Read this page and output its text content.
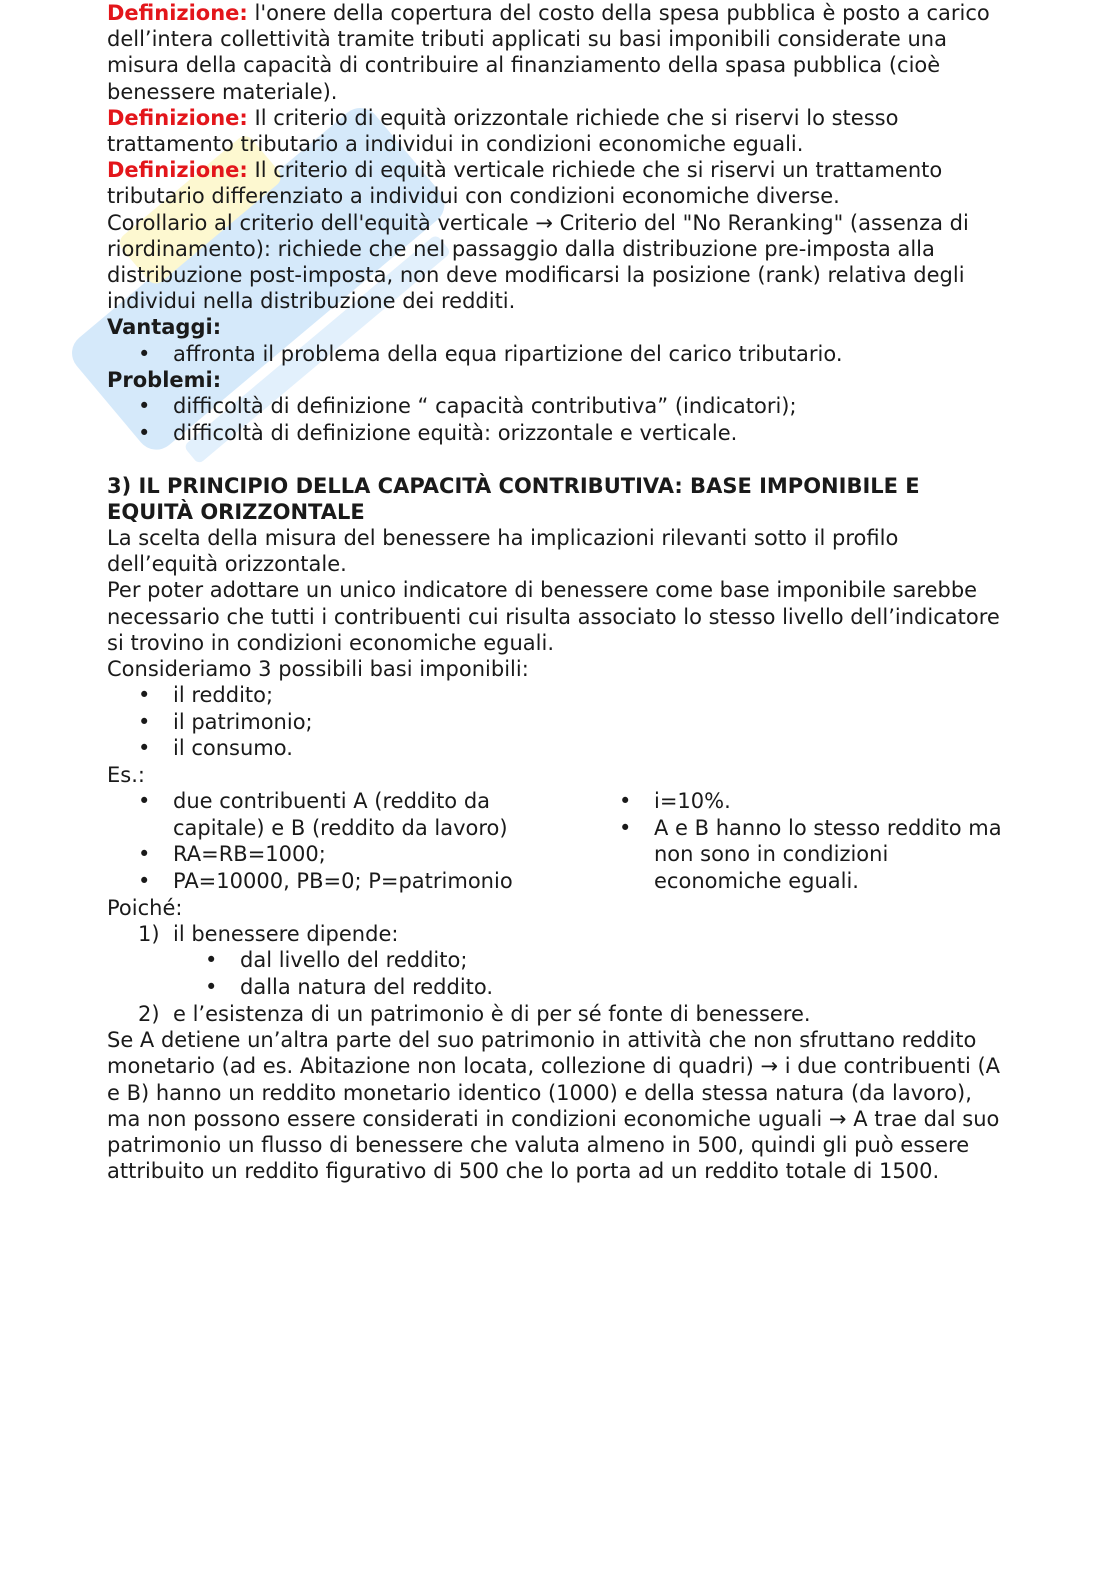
Definizione: l'onere della copertura del costo della spesa pubblica è posto a carico dell’intera collettività tramite tributi applicati su basi imponibili considerate una misura della capacità di contribuire al finanziamento della spasa pubblica (cioè benessere materiale).

Definizione: Il criterio di equità orizzontale richiede che si riservi lo stesso trattamento tributario a individui in condizioni economiche eguali.

Definizione: Il criterio di equità verticale richiede che si riservi un trattamento tributario differenziato a individui con condizioni economiche diverse.

Corollario al criterio dell'equità verticale → Criterio del "No Reranking" (assenza di riordinamento): richiede che nel passaggio dalla distribuzione pre-imposta alla distribuzione post-imposta, non deve modificarsi la posizione (rank) relativa degli individui nella distribuzione dei redditi.

Vantaggi:

• affronta il problema della equa ripartizione del carico tributario.

Problemi:

• difficoltà di definizione “ capacità contributiva” (indicatori);
• difficoltà di definizione equità: orizzontale e verticale.

3) IL PRINCIPIO DELLA CAPACITÀ CONTRIBUTIVA: BASE IMPONIBILE E EQUITÀ ORIZZONTALE

La scelta della misura del benessere ha implicazioni rilevanti sotto il profilo dell’equità orizzontale.

Per poter adottare un unico indicatore di benessere come base imponibile sarebbe necessario che tutti i contribuenti cui risulta associato lo stesso livello dell’indicatore si trovino in condizioni economiche eguali.

Consideriamo 3 possibili basi imponibili:

• il reddito;
• il patrimonio;
• il consumo.

Es.:

• due contribuenti A (reddito da capitale) e B (reddito da lavoro)
• RA=RB=1000;
• PA=10000, PB=0; P=patrimonio
• i=10%.
• A e B hanno lo stesso reddito ma non sono in condizioni economiche eguali.

Poiché:

1) il benessere dipende:
• dal livello del reddito;
• dalla natura del reddito.
2) e l’esistenza di un patrimonio è di per sé fonte di benessere.

Se A detiene un’altra parte del suo patrimonio in attività che non sfruttano reddito monetario (ad es. Abitazione non locata, collezione di quadri) → i due contribuenti (A e B) hanno un reddito monetario identico (1000) e della stessa natura (da lavoro), ma non possono essere considerati in condizioni economiche uguali → A trae dal suo patrimonio un flusso di benessere che valuta almeno in 500, quindi gli può essere attribuito un reddito figurativo di 500 che lo porta ad un reddito totale di 1500.
